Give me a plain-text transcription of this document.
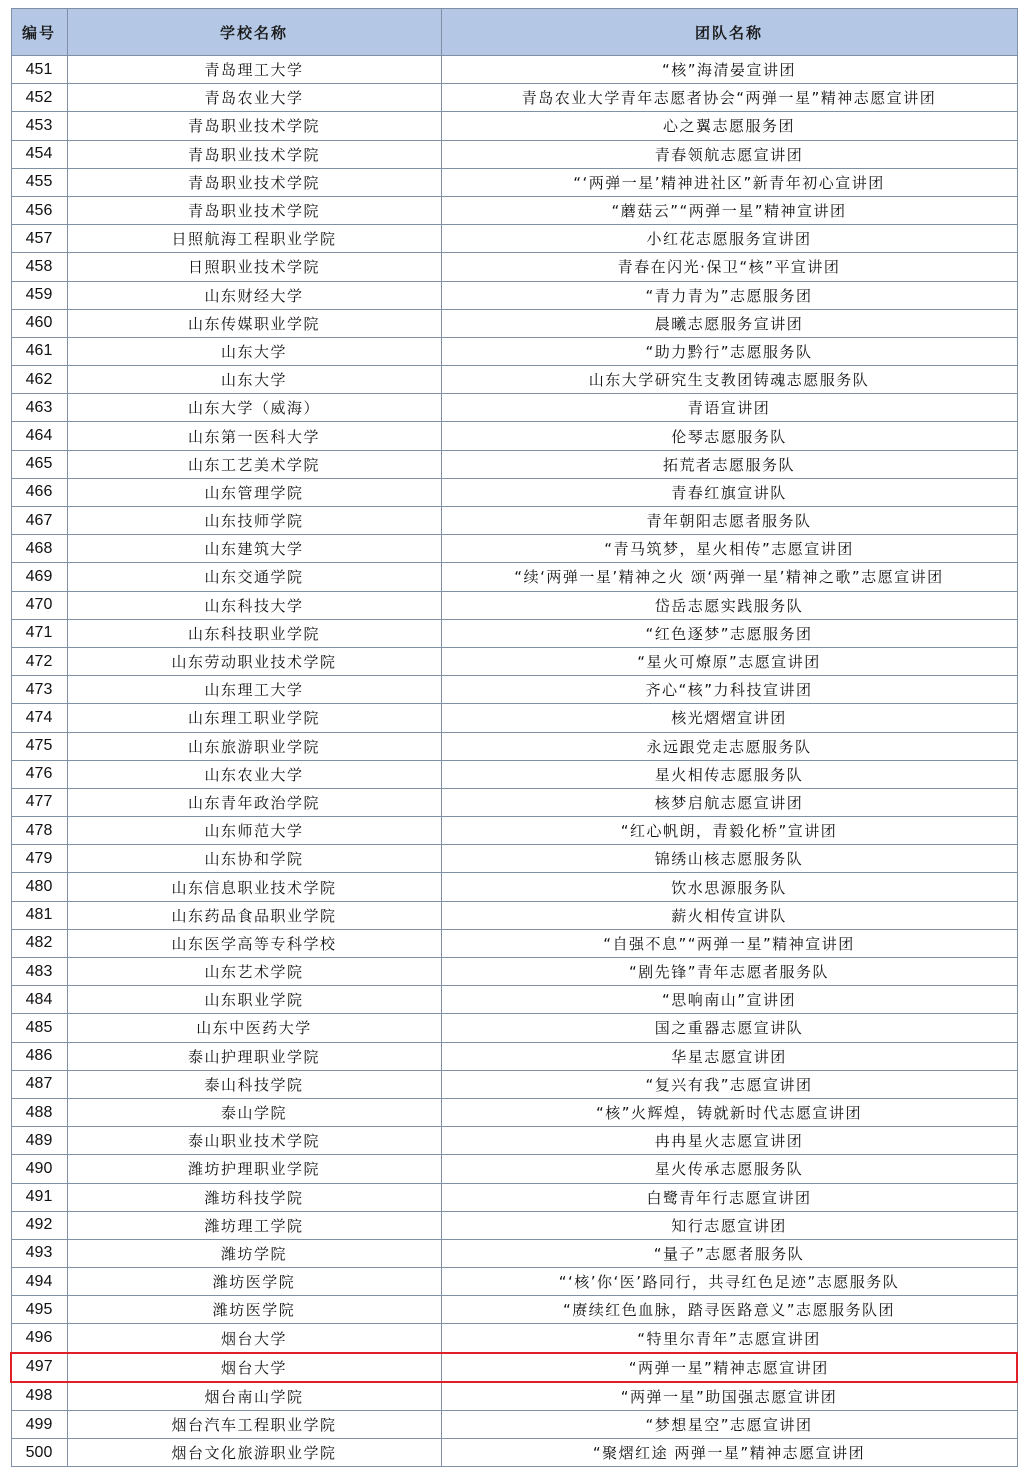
编号	学校名称	团队名称
451	青岛理工大学	“核”海清晏宣讲团
452	青岛农业大学	青岛农业大学青年志愿者协会“两弹一星”精神志愿宣讲团
453	青岛职业技术学院	心之翼志愿服务团
454	青岛职业技术学院	青春领航志愿宣讲团
455	青岛职业技术学院	“‘两弹一星’精神进社区”新青年初心宣讲团
456	青岛职业技术学院	“蘑菇云”“两弹一星”精神宣讲团
457	日照航海工程职业学院	小红花志愿服务宣讲团
458	日照职业技术学院	青春在闪光·保卫“核”平宣讲团
459	山东财经大学	“青力青为”志愿服务团
460	山东传媒职业学院	晨曦志愿服务宣讲团
461	山东大学	“助力黔行”志愿服务队
462	山东大学	山东大学研究生支教团铸魂志愿服务队
463	山东大学（威海）	青语宣讲团
464	山东第一医科大学	伦琴志愿服务队
465	山东工艺美术学院	拓荒者志愿服务队
466	山东管理学院	青春红旗宣讲队
467	山东技师学院	青年朝阳志愿者服务队
468	山东建筑大学	“青马筑梦，星火相传”志愿宣讲团
469	山东交通学院	“续‘两弹一星’精神之火 颂‘两弹一星’精神之歌”志愿宣讲团
470	山东科技大学	岱岳志愿实践服务队
471	山东科技职业学院	“红色逐梦”志愿服务团
472	山东劳动职业技术学院	“星火可燎原”志愿宣讲团
473	山东理工大学	齐心“核”力科技宣讲团
474	山东理工职业学院	核光熠熠宣讲团
475	山东旅游职业学院	永远跟党走志愿服务队
476	山东农业大学	星火相传志愿服务队
477	山东青年政治学院	核梦启航志愿宣讲团
478	山东师范大学	“红心帆朗，青毅化桥”宣讲团
479	山东协和学院	锦绣山核志愿服务队
480	山东信息职业技术学院	饮水思源服务队
481	山东药品食品职业学院	薪火相传宣讲队
482	山东医学高等专科学校	“自强不息”“两弹一星”精神宣讲团
483	山东艺术学院	“剧先锋”青年志愿者服务队
484	山东职业学院	“思响南山”宣讲团
485	山东中医药大学	国之重器志愿宣讲队
486	泰山护理职业学院	华星志愿宣讲团
487	泰山科技学院	“复兴有我”志愿宣讲团
488	泰山学院	“核”火辉煌，铸就新时代志愿宣讲团
489	泰山职业技术学院	冉冉星火志愿宣讲团
490	潍坊护理职业学院	星火传承志愿服务队
491	潍坊科技学院	白鹭青年行志愿宣讲团
492	潍坊理工学院	知行志愿宣讲团
493	潍坊学院	“量子”志愿者服务队
494	潍坊医学院	“‘核’你‘医’路同行，共寻红色足迹”志愿服务队
495	潍坊医学院	“赓续红色血脉，踏寻医路意义”志愿服务队团
496	烟台大学	“特里尔青年”志愿宣讲团
497	烟台大学	“两弹一星”精神志愿宣讲团
498	烟台南山学院	“两弹一星”助国强志愿宣讲团
499	烟台汽车工程职业学院	“梦想星空”志愿宣讲团
500	烟台文化旅游职业学院	“聚熠红途 两弹一星”精神志愿宣讲团
